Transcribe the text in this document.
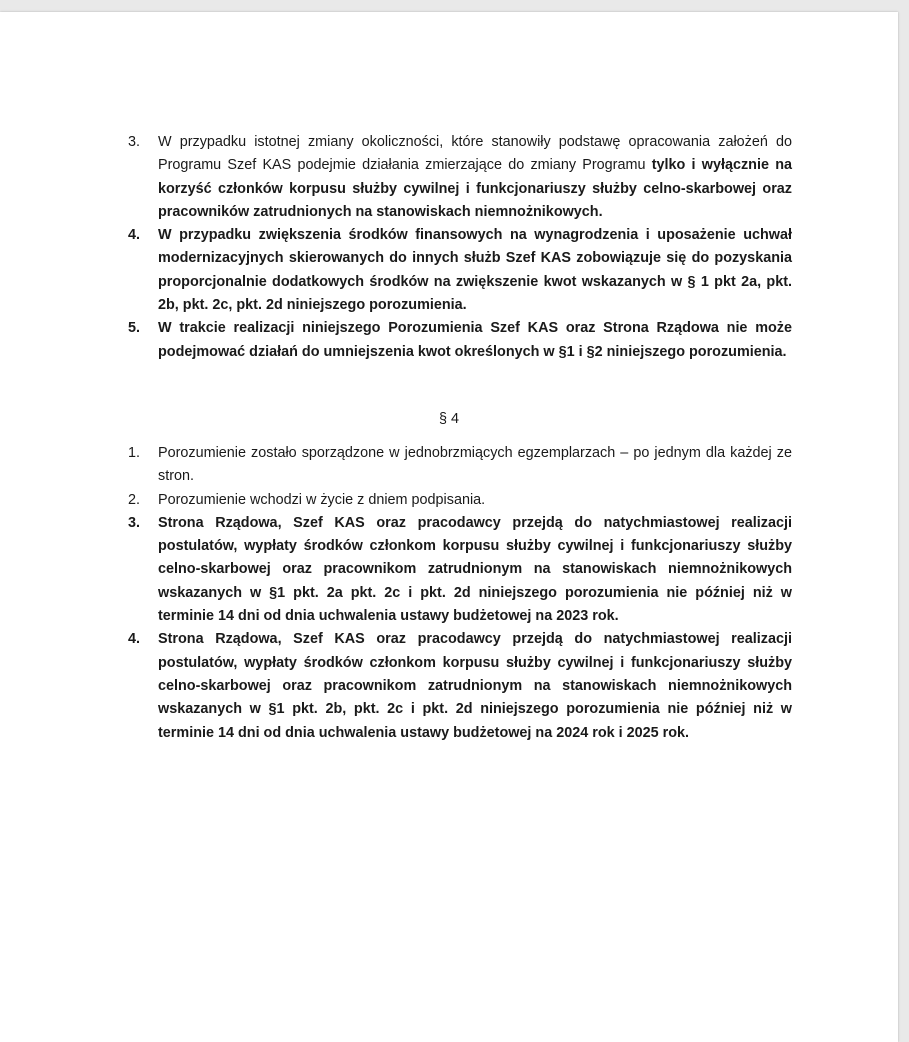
3. W przypadku istotnej zmiany okoliczności, które stanowiły podstawę opracowania założeń do Programu Szef KAS podejmie działania zmierzające do zmiany Programu tylko i wyłącznie na korzyść członków korpusu służby cywilnej i funkcjonariuszy służby celno-skarbowej oraz pracowników zatrudnionych na stanowiskach niemnożnikowych.
4. W przypadku zwiększenia środków finansowych na wynagrodzenia i uposażenie uchwał modernizacyjnych skierowanych do innych służb Szef KAS zobowiązuje się do pozyskania proporcjonalnie dodatkowych środków na zwiększenie kwot wskazanych w § 1 pkt 2a, pkt. 2b, pkt. 2c, pkt. 2d niniejszego porozumienia.
5. W trakcie realizacji niniejszego Porozumienia Szef KAS oraz Strona Rządowa nie może podejmować działań do umniejszenia kwot określonych w §1 i §2 niniejszego porozumienia.
§ 4
1. Porozumienie zostało sporządzone w jednobrzmiących egzemplarzach – po jednym dla każdej ze stron.
2. Porozumienie wchodzi w życie z dniem podpisania.
3. Strona Rządowa, Szef KAS oraz pracodawcy przejdą do natychmiastowej realizacji postulatów, wypłaty środków członkom korpusu służby cywilnej i funkcjonariuszy służby celno-skarbowej oraz pracownikom zatrudnionym na stanowiskach niemnożnikowych wskazanych w §1 pkt. 2a pkt. 2c i pkt. 2d niniejszego porozumienia nie później niż w terminie 14 dni od dnia uchwalenia ustawy budżetowej na 2023 rok.
4. Strona Rządowa, Szef KAS oraz pracodawcy przejdą do natychmiastowej realizacji postulatów, wypłaty środków członkom korpusu służby cywilnej i funkcjonariuszy służby celno-skarbowej oraz pracownikom zatrudnionym na stanowiskach niemnożnikowych wskazanych w §1 pkt. 2b, pkt. 2c i pkt. 2d niniejszego porozumienia nie później niż w terminie 14 dni od dnia uchwalenia ustawy budżetowej na 2024 rok i 2025 rok.
